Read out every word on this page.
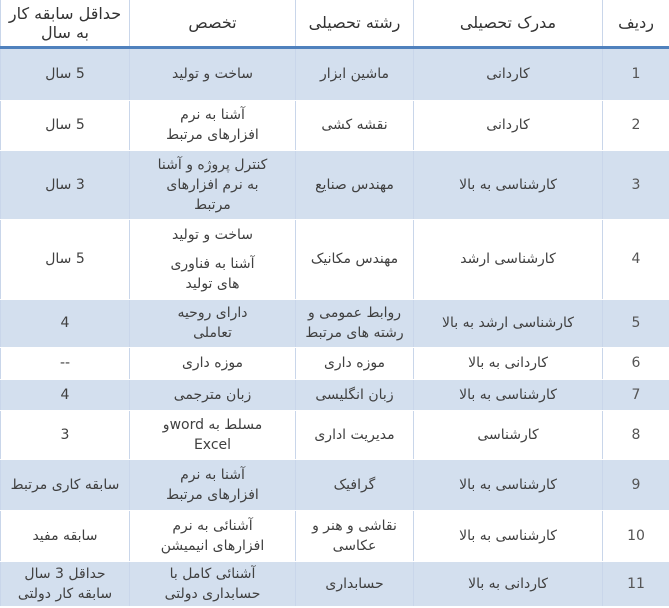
ردیف	مدرک تحصیلی	رشته تحصیلی	تخصص	حداقل سابقه کار به سال
1	کاردانی	ماشین ابزار	ساخت و تولید	5 سال

2	کاردانی	نقشه کشی	آشنا به نرم
افزارهای مرتبط	5 سال

3	کارشناسی به بالا	مهندس صنایع	کنترل پروژه و آشنا
به نرم افزارهای
مرتبط	3 سال

4	کارشناسی ارشد	مهندس مکانیک	ساخت و تولید
آشنا به فناوری
های تولید	5 سال

5	کارشناسی ارشد به بالا	روابط عمومی و رشته های مرتبط	دارای روحیه
تعاملی	4

6	کاردانی به بالا	موزه داری	موزه داری	--

7	کارشناسی به بالا	زبان انگلیسی	زبان مترجمی	4

8	کارشناسی	مدیریت اداری	مسلط به wordو
Excel	3

9	کارشناسی به بالا	گرافیک	آشنا به نرم
افزارهای مرتبط	سابقه کاری مرتبط

10	کارشناسی به بالا	نقاشی و هنر و عکاسی	آشنائی به نرم
افزارهای انیمیشن	سابقه مفید

11	کاردانی به بالا	حسابداری	آشنائی کامل با
حسابداری دولتی	حداقل 3 سال
سابقه کار دولتی
